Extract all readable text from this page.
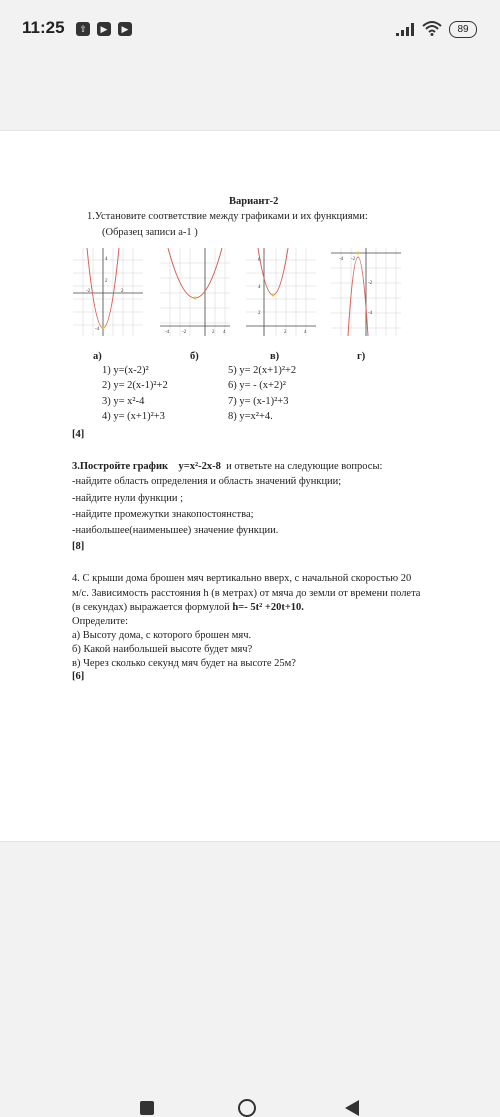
11:25	⇧	▶	▶	89
Вариант-2
1.Установите соответствие между графиками и их функциями:
(Образец записи а-1 )
4
2
-2	2
-4
-4	-2	2 4
6
4
2
2	4
-4 -2
-2
-4
а)	б)	в)	г)
1) y=(x-2)²
2) y= 2(x-1)²+2
3) y= x²-4
4) y= (x+1)²+3
5) y= 2(x+1)²+2
6) y= - (x+2)²
7) y= (x-1)²+3
8) y=x²+4.
[4]
3.Постройте график y=x²-2x-8 и ответьте на следующие вопросы:
-найдите область определения и область значений функции;
-найдите нули функции ;
-найдите промежутки знакопостоянства;
-наибольшее(наименьшее) значение функции.
[8]
4. С крыши дома брошен мяч вертикально вверх, с начальной скоростью 20
м/с. Зависимость расстояния h (в метрах) от мяча до земли от времени полета
(в секундах) выражается формулой h=- 5t² +20t+10.
Определите:
а) Высоту дома, с которого брошен мяч.
б) Какой наибольшей высоте будет мяч?
в) Через сколько секунд мяч будет на высоте 25м?
[6]
